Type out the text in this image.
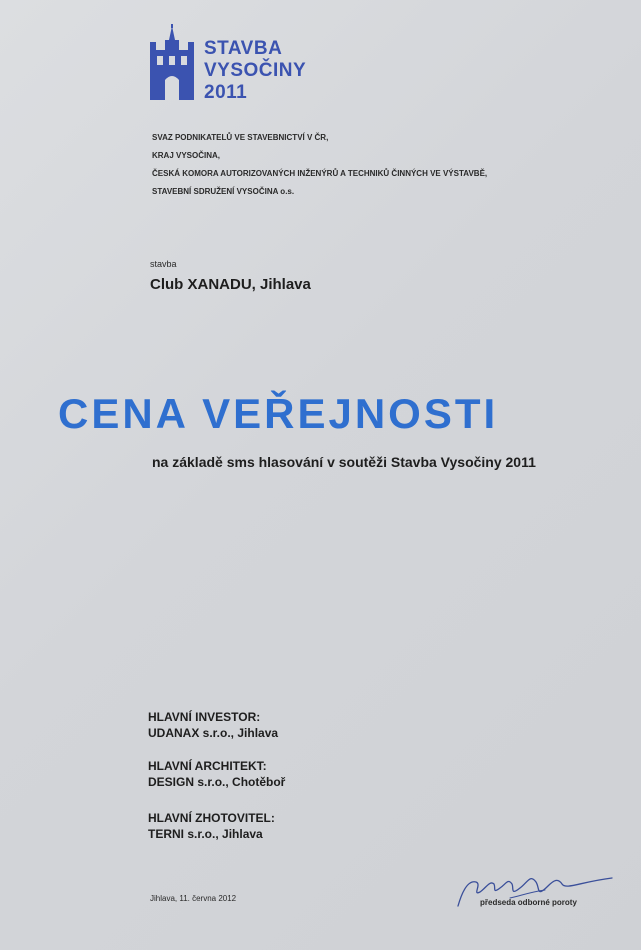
STAVBA
VYSOČINY
2011
SVAZ PODNIKATELŮ VE STAVEBNICTVÍ V ČR,
KRAJ VYSOČINA,
ČESKÁ KOMORA AUTORIZOVANÝCH INŽENÝRŮ A TECHNIKŮ ČINNÝCH VE VÝSTAVBĚ,
STAVEBNÍ SDRUŽENÍ VYSOČINA o.s.
stavba
Club XANADU, Jihlava
CENA VEŘEJNOSTI
na základě sms hlasování v soutěži Stavba Vysočiny 2011
HLAVNÍ INVESTOR:
UDANAX s.r.o., Jihlava
HLAVNÍ ARCHITEKT:
DESIGN s.r.o., Chotěboř
HLAVNÍ ZHOTOVITEL:
TERNI s.r.o., Jihlava
Jihlava, 11. června 2012	předseda odborné poroty
